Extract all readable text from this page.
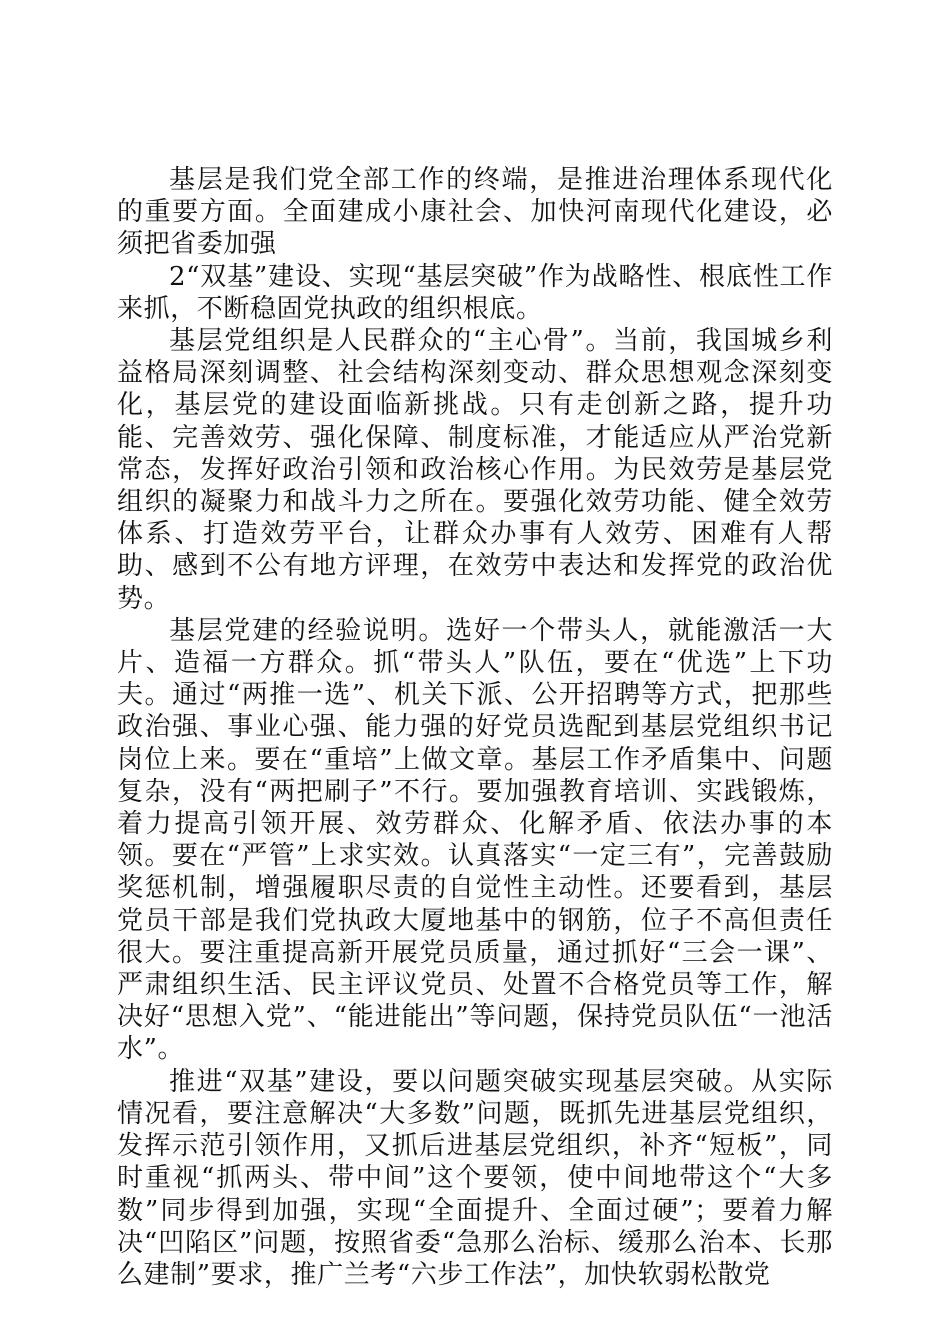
基层是我们党全部工作的终端，是推进治理体系现代化的重要方面。全面建成小康社会、加快河南现代化建设，必须把省委加强

2“双基”建设、实现“基层突破”作为战略性、根底性工作来抓，不断稳固党执政的组织根底。

基层党组织是人民群众的“主心骨”。当前，我国城乡利益格局深刻调整、社会结构深刻变动、群众思想观念深刻变化，基层党的建设面临新挑战。只有走创新之路，提升功能、完善效劳、强化保障、制度标准，才能适应从严治党新常态，发挥好政治引领和政治核心作用。为民效劳是基层党组织的凝聚力和战斗力之所在。要强化效劳功能、健全效劳体系、打造效劳平台，让群众办事有人效劳、困难有人帮助、感到不公有地方评理，在效劳中表达和发挥党的政治优势。

基层党建的经验说明。选好一个带头人，就能激活一大片、造福一方群众。抓“带头人”队伍，要在“优选”上下功夫。通过“两推一选”、机关下派、公开招聘等方式，把那些政治强、事业心强、能力强的好党员选配到基层党组织书记岗位上来。要在“重培”上做文章。基层工作矛盾集中、问题复杂，没有“两把刷子”不行。要加强教育培训、实践锻炼，着力提高引领开展、效劳群众、化解矛盾、依法办事的本领。要在“严管”上求实效。认真落实“一定三有”，完善鼓励奖惩机制，增强履职尽责的自觉性主动性。还要看到，基层党员干部是我们党执政大厦地基中的钢筋，位子不高但责任很大。要注重提高新开展党员质量，通过抓好“三会一课”、严肃组织生活、民主评议党员、处置不合格党员等工作，解决好“思想入党”、“能进能出”等问题，保持党员队伍“一池活水”。

推进“双基”建设，要以问题突破实现基层突破。从实际情况看，要注意解决“大多数”问题，既抓先进基层党组织，发挥示范引领作用，又抓后进基层党组织，补齐“短板”，同时重视“抓两头、带中间”这个要领，使中间地带这个“大多数”同步得到加强，实现“全面提升、全面过硬”；要着力解决“凹陷区”问题，按照省委“急那么治标、缓那么治本、长那么建制”要求，推广兰考“六步工作法”，加快软弱松散党
